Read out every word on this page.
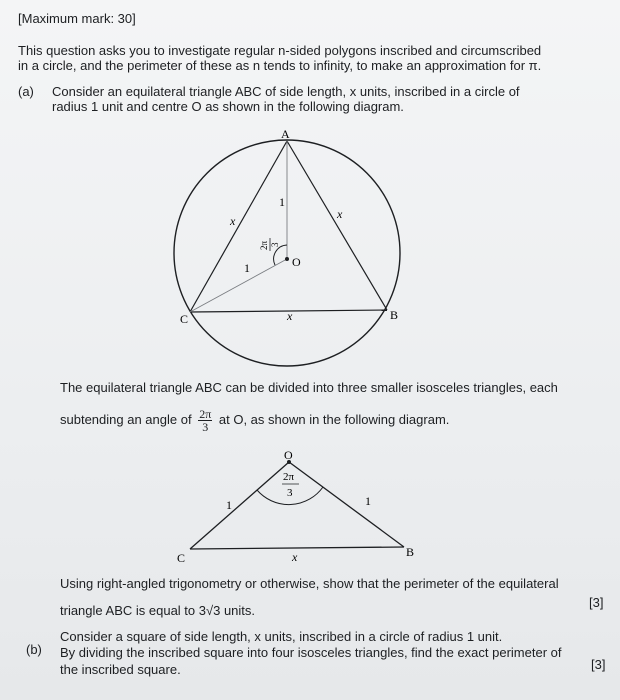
[Maximum mark: 30]
This question asks you to investigate regular n-sided polygons inscribed and circumscribed
in a circle, and the perimeter of these as n tends to infinity, to make an approximation for π.
(a) Consider an equilateral triangle ABC of side length, x units, inscribed in a circle of
radius 1 unit and centre O as shown in the following diagram.
A
C	B
O
x	x
x
1
1
2π 3
The equilateral triangle ABC can be divided into three smaller isosceles triangles, each
subtending an angle of $\frac{2\pi}{3}$ at O, as shown in the following diagram.
O
C	B
1	1
x
2π
3
Using right-angled trigonometry or otherwise, show that the perimeter of the equilateral
triangle ABC is equal to 3√3 units.
[3]
(b)
Consider a square of side length, x units, inscribed in a circle of radius 1 unit.
By dividing the inscribed square into four isosceles triangles, find the exact perimeter of
the inscribed square.	[3]
